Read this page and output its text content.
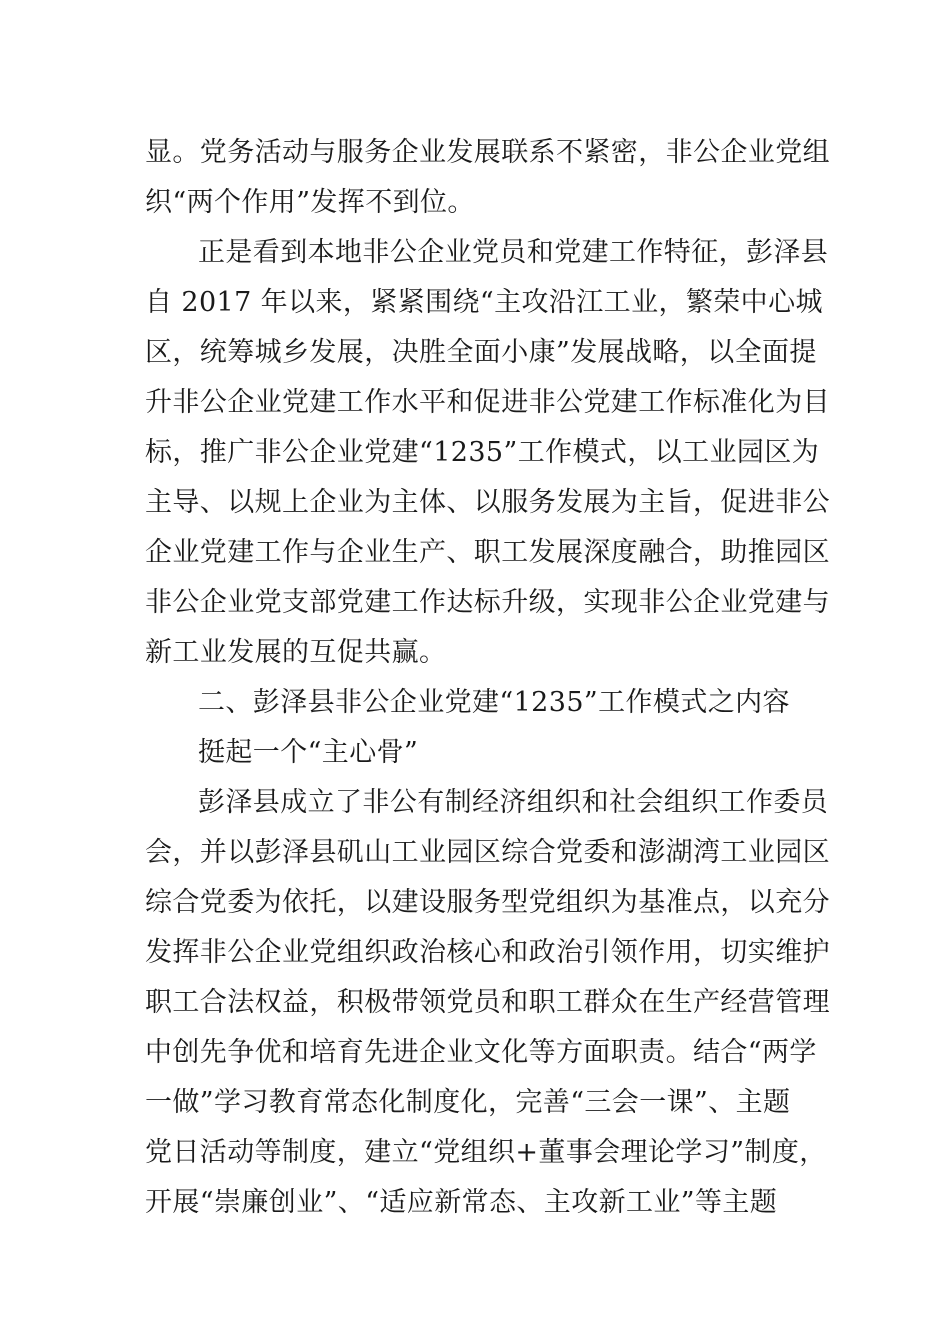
显。党务活动与服务企业发展联系不紧密，非公企业党组
织“两个作用”发挥不到位。
正是看到本地非公企业党员和党建工作特征，彭泽县
自 2017 年以来，紧紧围绕“主攻沿江工业，繁荣中心城
区，统筹城乡发展，决胜全面小康”发展战略，以全面提
升非公企业党建工作水平和促进非公党建工作标准化为目
标，推广非公企业党建“1235”工作模式，以工业园区为
主导、以规上企业为主体、以服务发展为主旨，促进非公
企业党建工作与企业生产、职工发展深度融合，助推园区
非公企业党支部党建工作达标升级，实现非公企业党建与
新工业发展的互促共赢。
二、彭泽县非公企业党建“1235”工作模式之内容
挺起一个“主心骨”
彭泽县成立了非公有制经济组织和社会组织工作委员
会，并以彭泽县矶山工业园区综合党委和澎湖湾工业园区
综合党委为依托，以建设服务型党组织为基准点，以充分
发挥非公企业党组织政治核心和政治引领作用，切实维护
职工合法权益，积极带领党员和职工群众在生产经营管理
中创先争优和培育先进企业文化等方面职责。结合“两学
一做”学习教育常态化制度化，完善“三会一课”、主题
党日活动等制度，建立“党组织+董事会理论学习”制度，
开展“崇廉创业”、“适应新常态、主攻新工业”等主题
